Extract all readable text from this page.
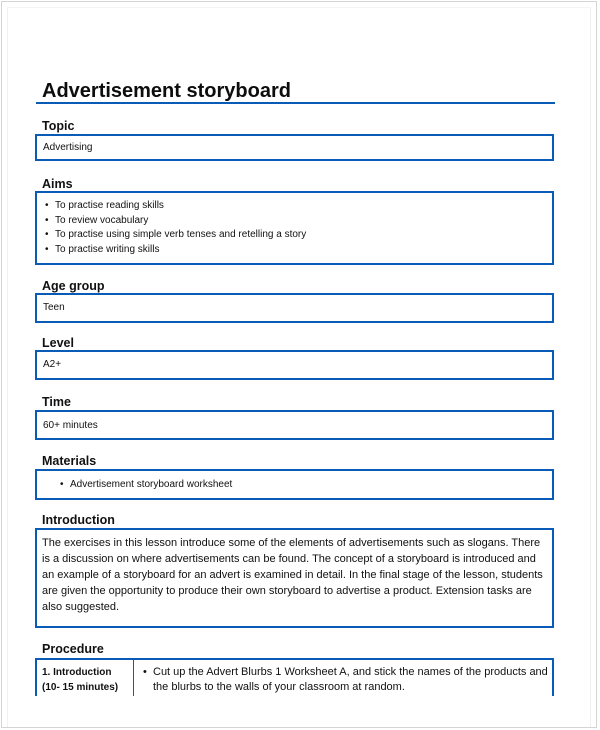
Advertisement storyboard
Topic
Advertising
Aims
• To practise reading skills
• To review vocabulary
• To practise using simple verb tenses and retelling a story
• To practise writing skills
Age group
Teen
Level
A2+
Time
60+ minutes
Materials
• Advertisement storyboard worksheet
Introduction
The exercises in this lesson introduce some of the elements of advertisements such as slogans. There is a discussion on where advertisements can be found. The concept of a storyboard is introduced and an example of a storyboard for an advert is examined in detail. In the final stage of the lesson, students are given the opportunity to produce their own storyboard to advertise a product. Extension tasks are also suggested.
Procedure
1. Introduction
(10- 15 minutes)
• Cut up the Advert Blurbs 1 Worksheet A, and stick the names of the products and the blurbs to the walls of your classroom at random.
